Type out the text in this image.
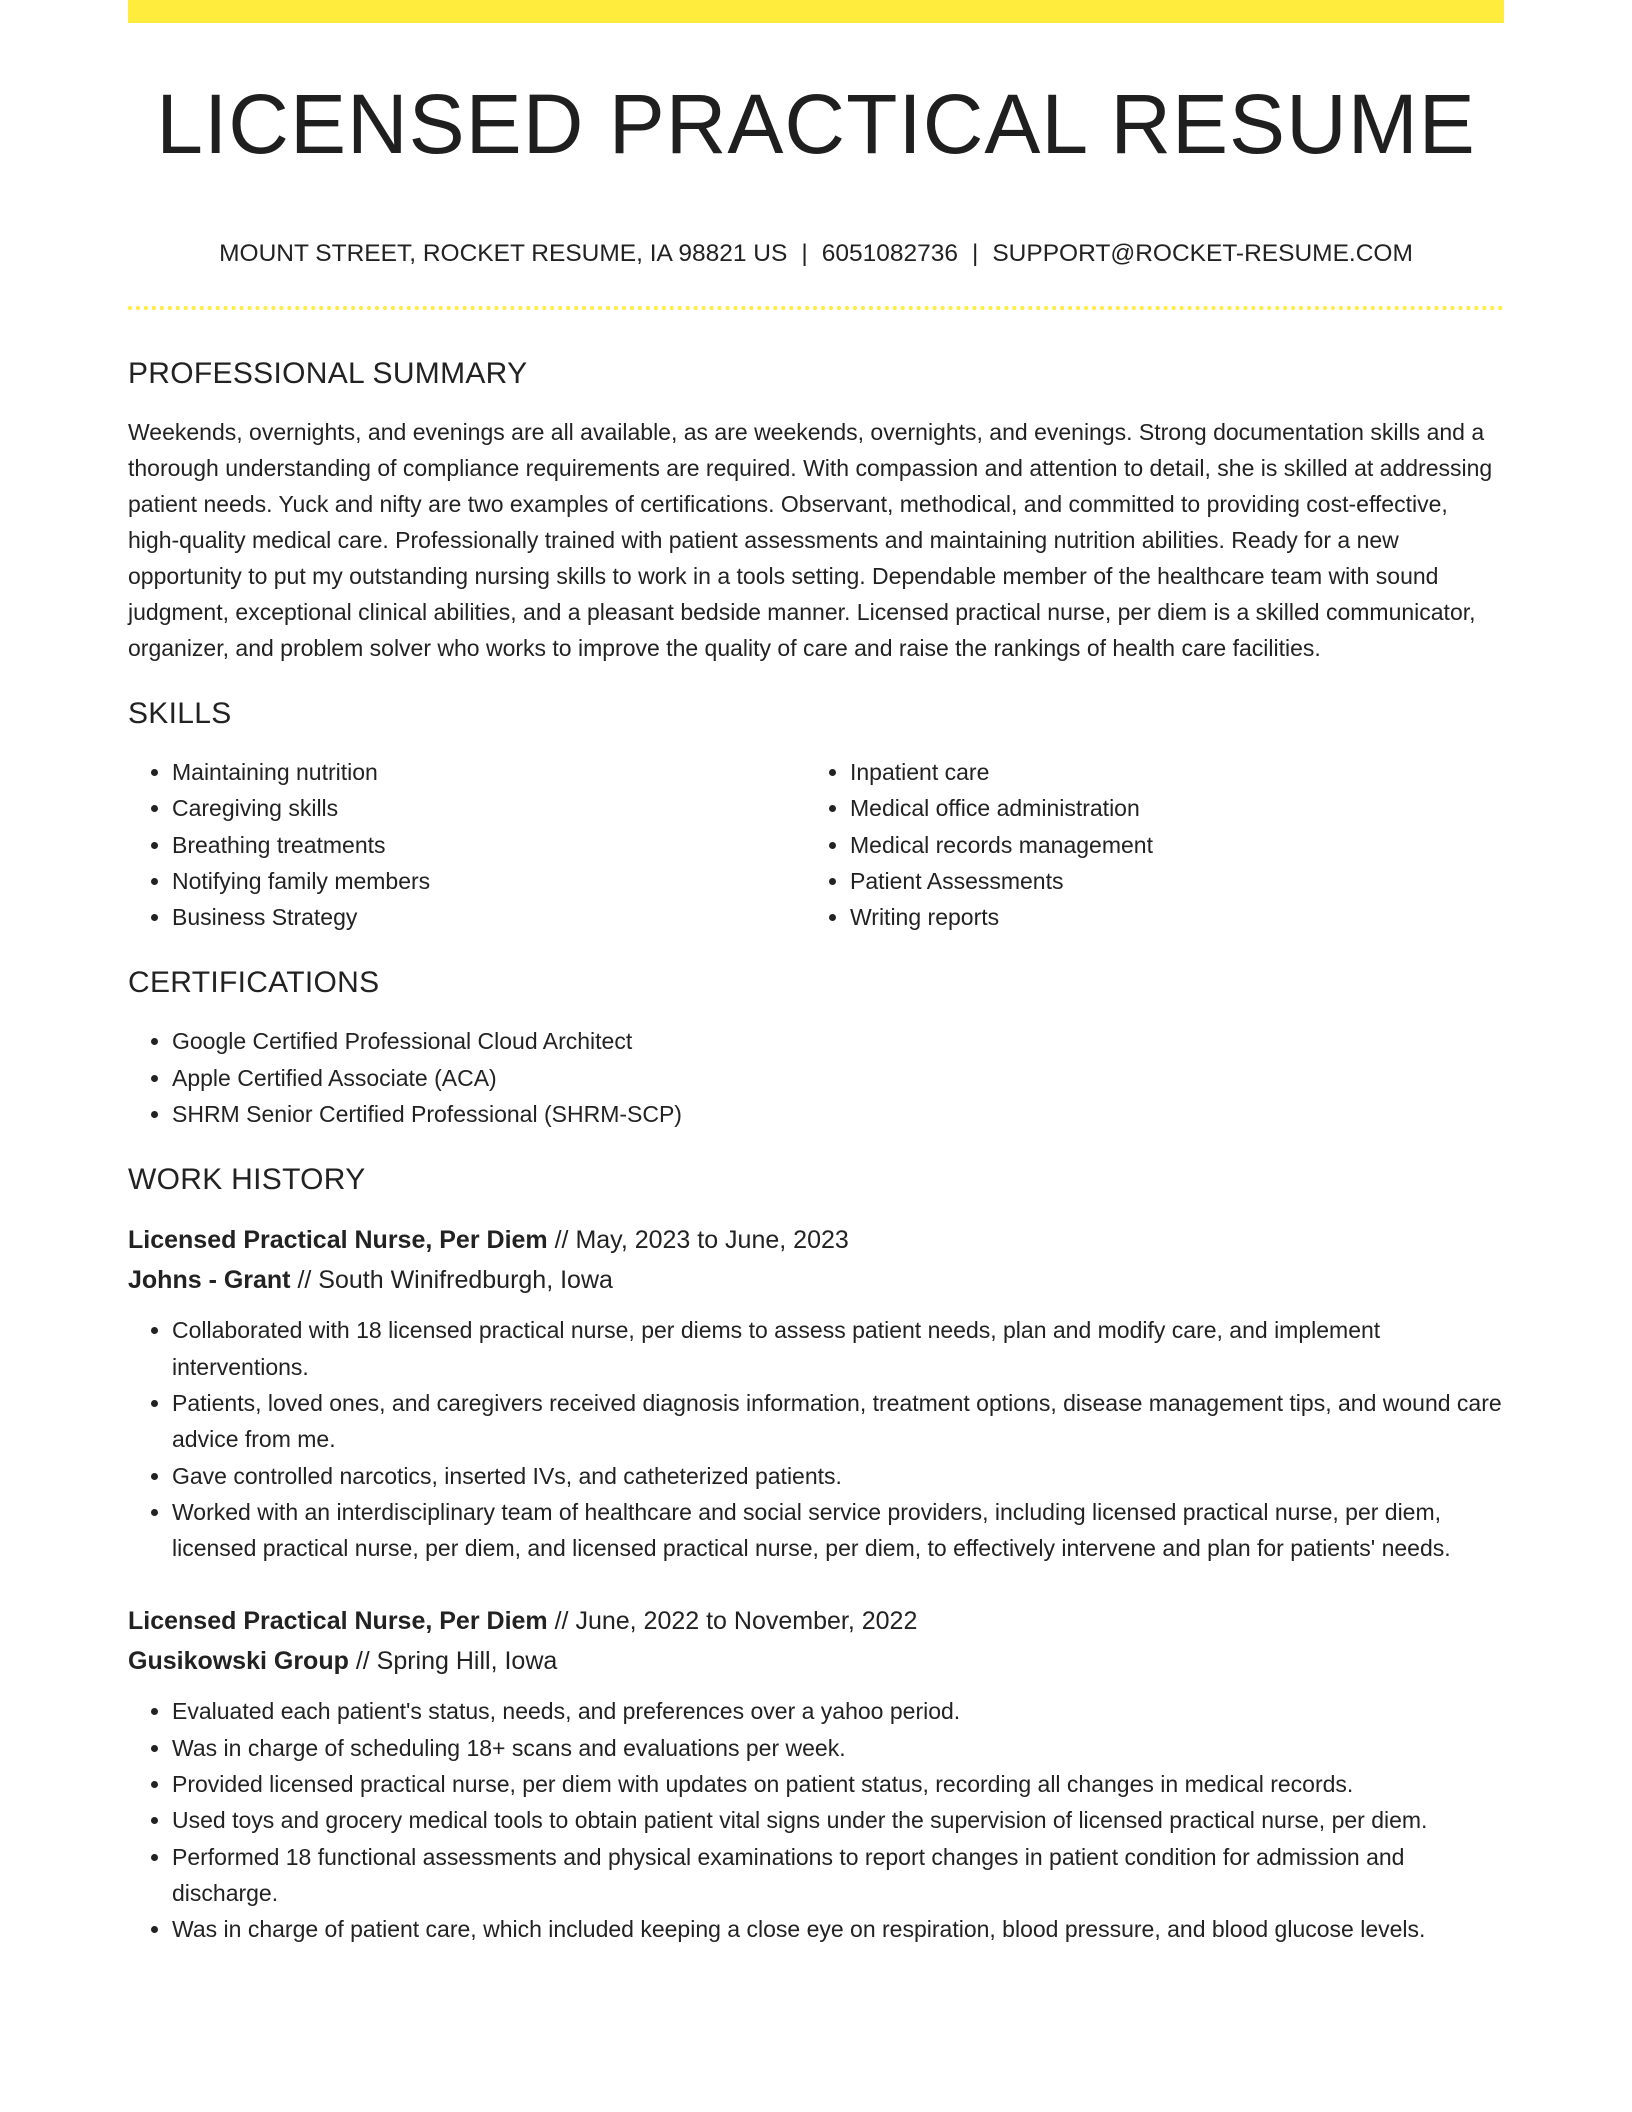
LICENSED PRACTICAL RESUME
MOUNT STREET, ROCKET RESUME, IA 98821 US | 6051082736 | SUPPORT@ROCKET-RESUME.COM
PROFESSIONAL SUMMARY

Weekends, overnights, and evenings are all available, as are weekends, overnights, and evenings. Strong documentation skills and a thorough understanding of compliance requirements are required. With compassion and attention to detail, she is skilled at addressing patient needs. Yuck and nifty are two examples of certifications. Observant, methodical, and committed to providing cost-effective, high-quality medical care. Professionally trained with patient assessments and maintaining nutrition abilities. Ready for a new opportunity to put my outstanding nursing skills to work in a tools setting. Dependable member of the healthcare team with sound judgment, exceptional clinical abilities, and a pleasant bedside manner. Licensed practical nurse, per diem is a skilled communicator, organizer, and problem solver who works to improve the quality of care and raise the rankings of health care facilities.

SKILLS
• Maintaining nutrition
• Caregiving skills
• Breathing treatments
• Notifying family members
• Business Strategy
• Inpatient care
• Medical office administration
• Medical records management
• Patient Assessments
• Writing reports
CERTIFICATIONS
• Google Certified Professional Cloud Architect
• Apple Certified Associate (ACA)
• SHRM Senior Certified Professional (SHRM-SCP)
WORK HISTORY
Licensed Practical Nurse, Per Diem // May, 2023 to June, 2023
Johns - Grant // South Winifredburgh, Iowa
• Collaborated with 18 licensed practical nurse, per diems to assess patient needs, plan and modify care, and implement interventions.
• Patients, loved ones, and caregivers received diagnosis information, treatment options, disease management tips, and wound care advice from me.
• Gave controlled narcotics, inserted IVs, and catheterized patients.
• Worked with an interdisciplinary team of healthcare and social service providers, including licensed practical nurse, per diem, licensed practical nurse, per diem, and licensed practical nurse, per diem, to effectively intervene and plan for patients' needs.
Licensed Practical Nurse, Per Diem // June, 2022 to November, 2022
Gusikowski Group // Spring Hill, Iowa
• Evaluated each patient's status, needs, and preferences over a yahoo period.
• Was in charge of scheduling 18+ scans and evaluations per week.
• Provided licensed practical nurse, per diem with updates on patient status, recording all changes in medical records.
• Used toys and grocery medical tools to obtain patient vital signs under the supervision of licensed practical nurse, per diem.
• Performed 18 functional assessments and physical examinations to report changes in patient condition for admission and discharge.
• Was in charge of patient care, which included keeping a close eye on respiration, blood pressure, and blood glucose levels.
